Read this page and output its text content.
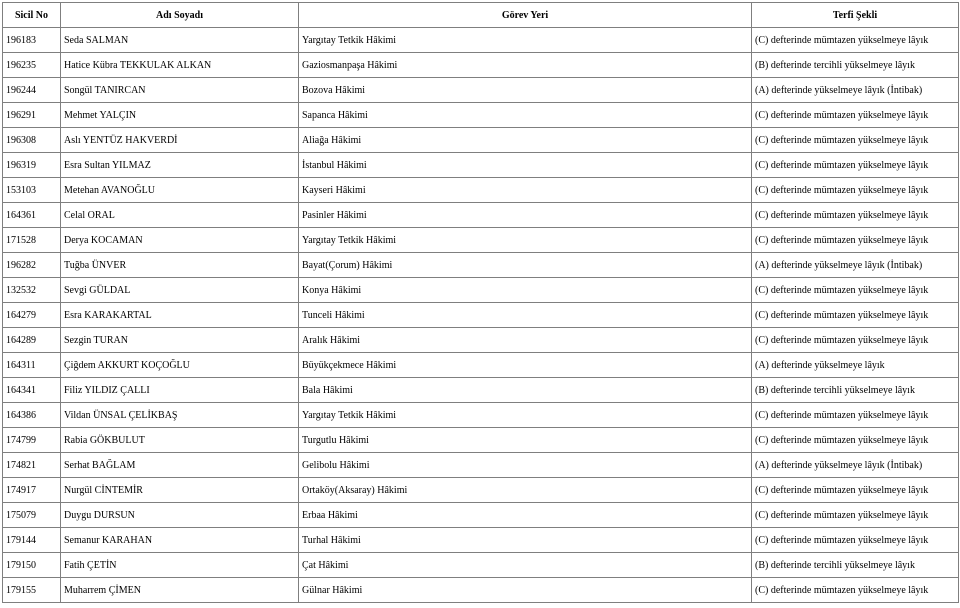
Sicil No	Adı Soyadı	Görev Yeri	Terfi Şekli
196183	Seda SALMAN	Yargıtay Tetkik Hâkimi	(C) defterinde mümtazen yükselmeye lâyık
196235	Hatice Kübra TEKKULAK ALKAN	Gaziosmanpaşa Hâkimi	(B) defterinde tercihli yükselmeye lâyık
196244	Songül TANIRCAN	Bozova Hâkimi	(A) defterinde yükselmeye lâyık (İntibak)
196291	Mehmet YALÇIN	Sapanca Hâkimi	(C) defterinde mümtazen yükselmeye lâyık
196308	Aslı YENTÜZ HAKVERDİ	Aliağa Hâkimi	(C) defterinde mümtazen yükselmeye lâyık
196319	Esra Sultan YILMAZ	İstanbul Hâkimi	(C) defterinde mümtazen yükselmeye lâyık
153103	Metehan AVANOĞLU	Kayseri Hâkimi	(C) defterinde mümtazen yükselmeye lâyık
164361	Celal ORAL	Pasinler Hâkimi	(C) defterinde mümtazen yükselmeye lâyık
171528	Derya KOCAMAN	Yargıtay Tetkik Hâkimi	(C) defterinde mümtazen yükselmeye lâyık
196282	Tuğba ÜNVER	Bayat(Çorum) Hâkimi	(A) defterinde yükselmeye lâyık (İntibak)
132532	Sevgi GÜLDAL	Konya Hâkimi	(C) defterinde mümtazen yükselmeye lâyık
164279	Esra KARAKARTAL	Tunceli Hâkimi	(C) defterinde mümtazen yükselmeye lâyık
164289	Sezgin TURAN	Aralık Hâkimi	(C) defterinde mümtazen yükselmeye lâyık
164311	Çiğdem AKKURT KOÇOĞLU	Büyükçekmece Hâkimi	(A) defterinde yükselmeye lâyık
164341	Filiz YILDIZ ÇALLI	Bala Hâkimi	(B) defterinde tercihli yükselmeye lâyık
164386	Vildan ÜNSAL ÇELİKBAŞ	Yargıtay Tetkik Hâkimi	(C) defterinde mümtazen yükselmeye lâyık
174799	Rabia GÖKBULUT	Turgutlu Hâkimi	(C) defterinde mümtazen yükselmeye lâyık
174821	Serhat BAĞLAM	Gelibolu Hâkimi	(A) defterinde yükselmeye lâyık (İntibak)
174917	Nurgül CİNTEMİR	Ortaköy(Aksaray) Hâkimi	(C) defterinde mümtazen yükselmeye lâyık
175079	Duygu DURSUN	Erbaa Hâkimi	(C) defterinde mümtazen yükselmeye lâyık
179144	Semanur KARAHAN	Turhal Hâkimi	(C) defterinde mümtazen yükselmeye lâyık
179150	Fatih ÇETİN	Çat Hâkimi	(B) defterinde tercihli yükselmeye lâyık
179155	Muharrem ÇİMEN	Gülnar Hâkimi	(C) defterinde mümtazen yükselmeye lâyık
